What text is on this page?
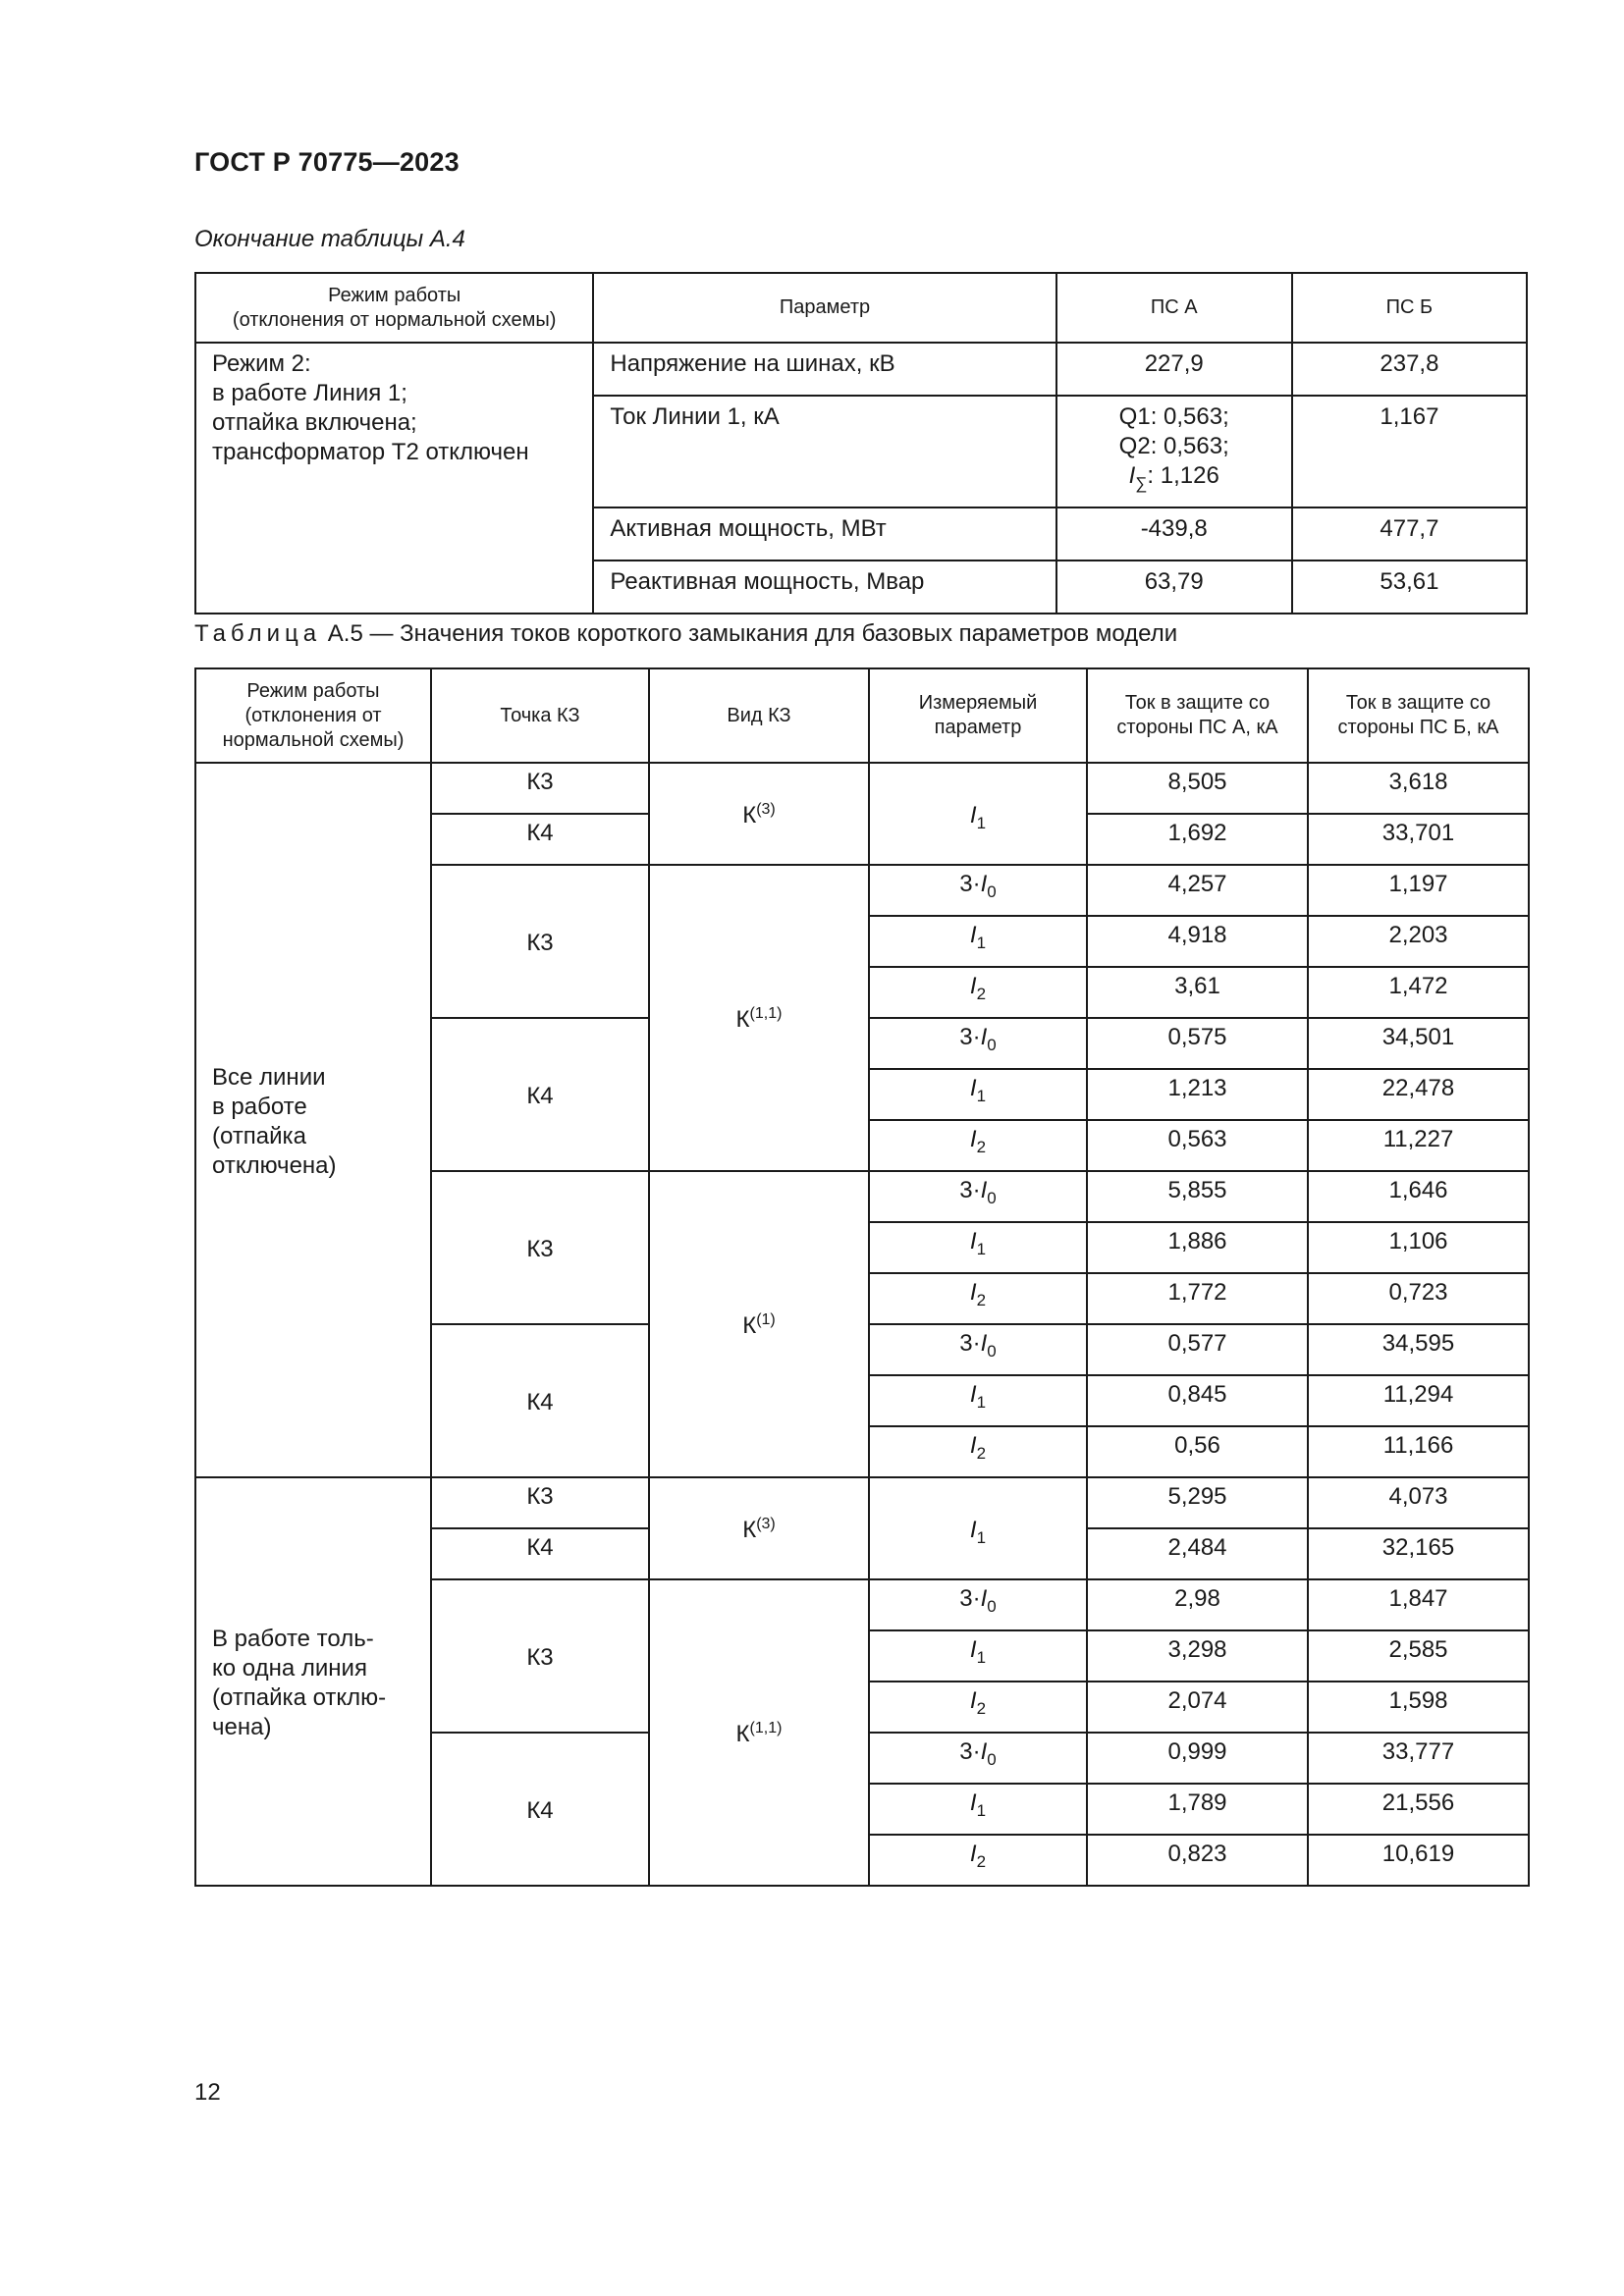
ГОСТ Р 70775—2023
Окончание таблицы А.4
Режим работы
(отклонения от нормальной схемы)	Параметр	ПС А	ПС Б
Режим 2:
в работе Линия 1;
отпайка включена;
трансформатор Т2 отключен	Напряжение на шинах, кВ	227,9	237,8
	Ток Линии 1, кА	Q1: 0,563;
Q2: 0,563;
$I_\sum$: 1,126	1,167
	Активная мощность, МВт	-439,8	477,7
	Реактивная мощность, Мвар	63,79	53,61
Таблица А.5 — Значения токов короткого замыкания для базовых параметров модели
Режим работы
(отклонения от
нормальной схемы)	Точка КЗ	Вид КЗ	Измеряемый
параметр	Ток в защите со
стороны ПС А, кА	Ток в защите со
стороны ПС Б, кА
Все линии
в работе
(отпайка
отключена)	К3	$К^{(3)}$	$I_1$	8,505	3,618
	К4			1,692	33,701
	К3	К$^{(1,1)}$	$3\cdot I_0$	4,257	1,197
			$I_1$	4,918	2,203
			$I_2$	3,61	1,472
	К4		$3\cdot I_0$	0,575	34,501
			$I_1$	1,213	22,478
			$I_2$	0,563	11,227
	К3	$К^{(1)}$	$3\cdot I_0$	5,855	1,646
			$I_1$	1,886	1,106
			$I_2$	1,772	0,723
	К4		$3\cdot I_0$	0,577	34,595
			$I_1$	0,845	11,294
			$I_2$	0,56	11,166
В работе толь-
ко одна линия
(отпайка отклю-
чена)	К3	$К^{(3)}$	$I_1$	5,295	4,073
	К4			2,484	32,165
	К3	К$^{(1,1)}$	$3\cdot I_0$	2,98	1,847
			$I_1$	3,298	2,585
			$I_2$	2,074	1,598
	К4		$3\cdot I_0$	0,999	33,777
			$I_1$	1,789	21,556
			$I_2$	0,823	10,619
12
